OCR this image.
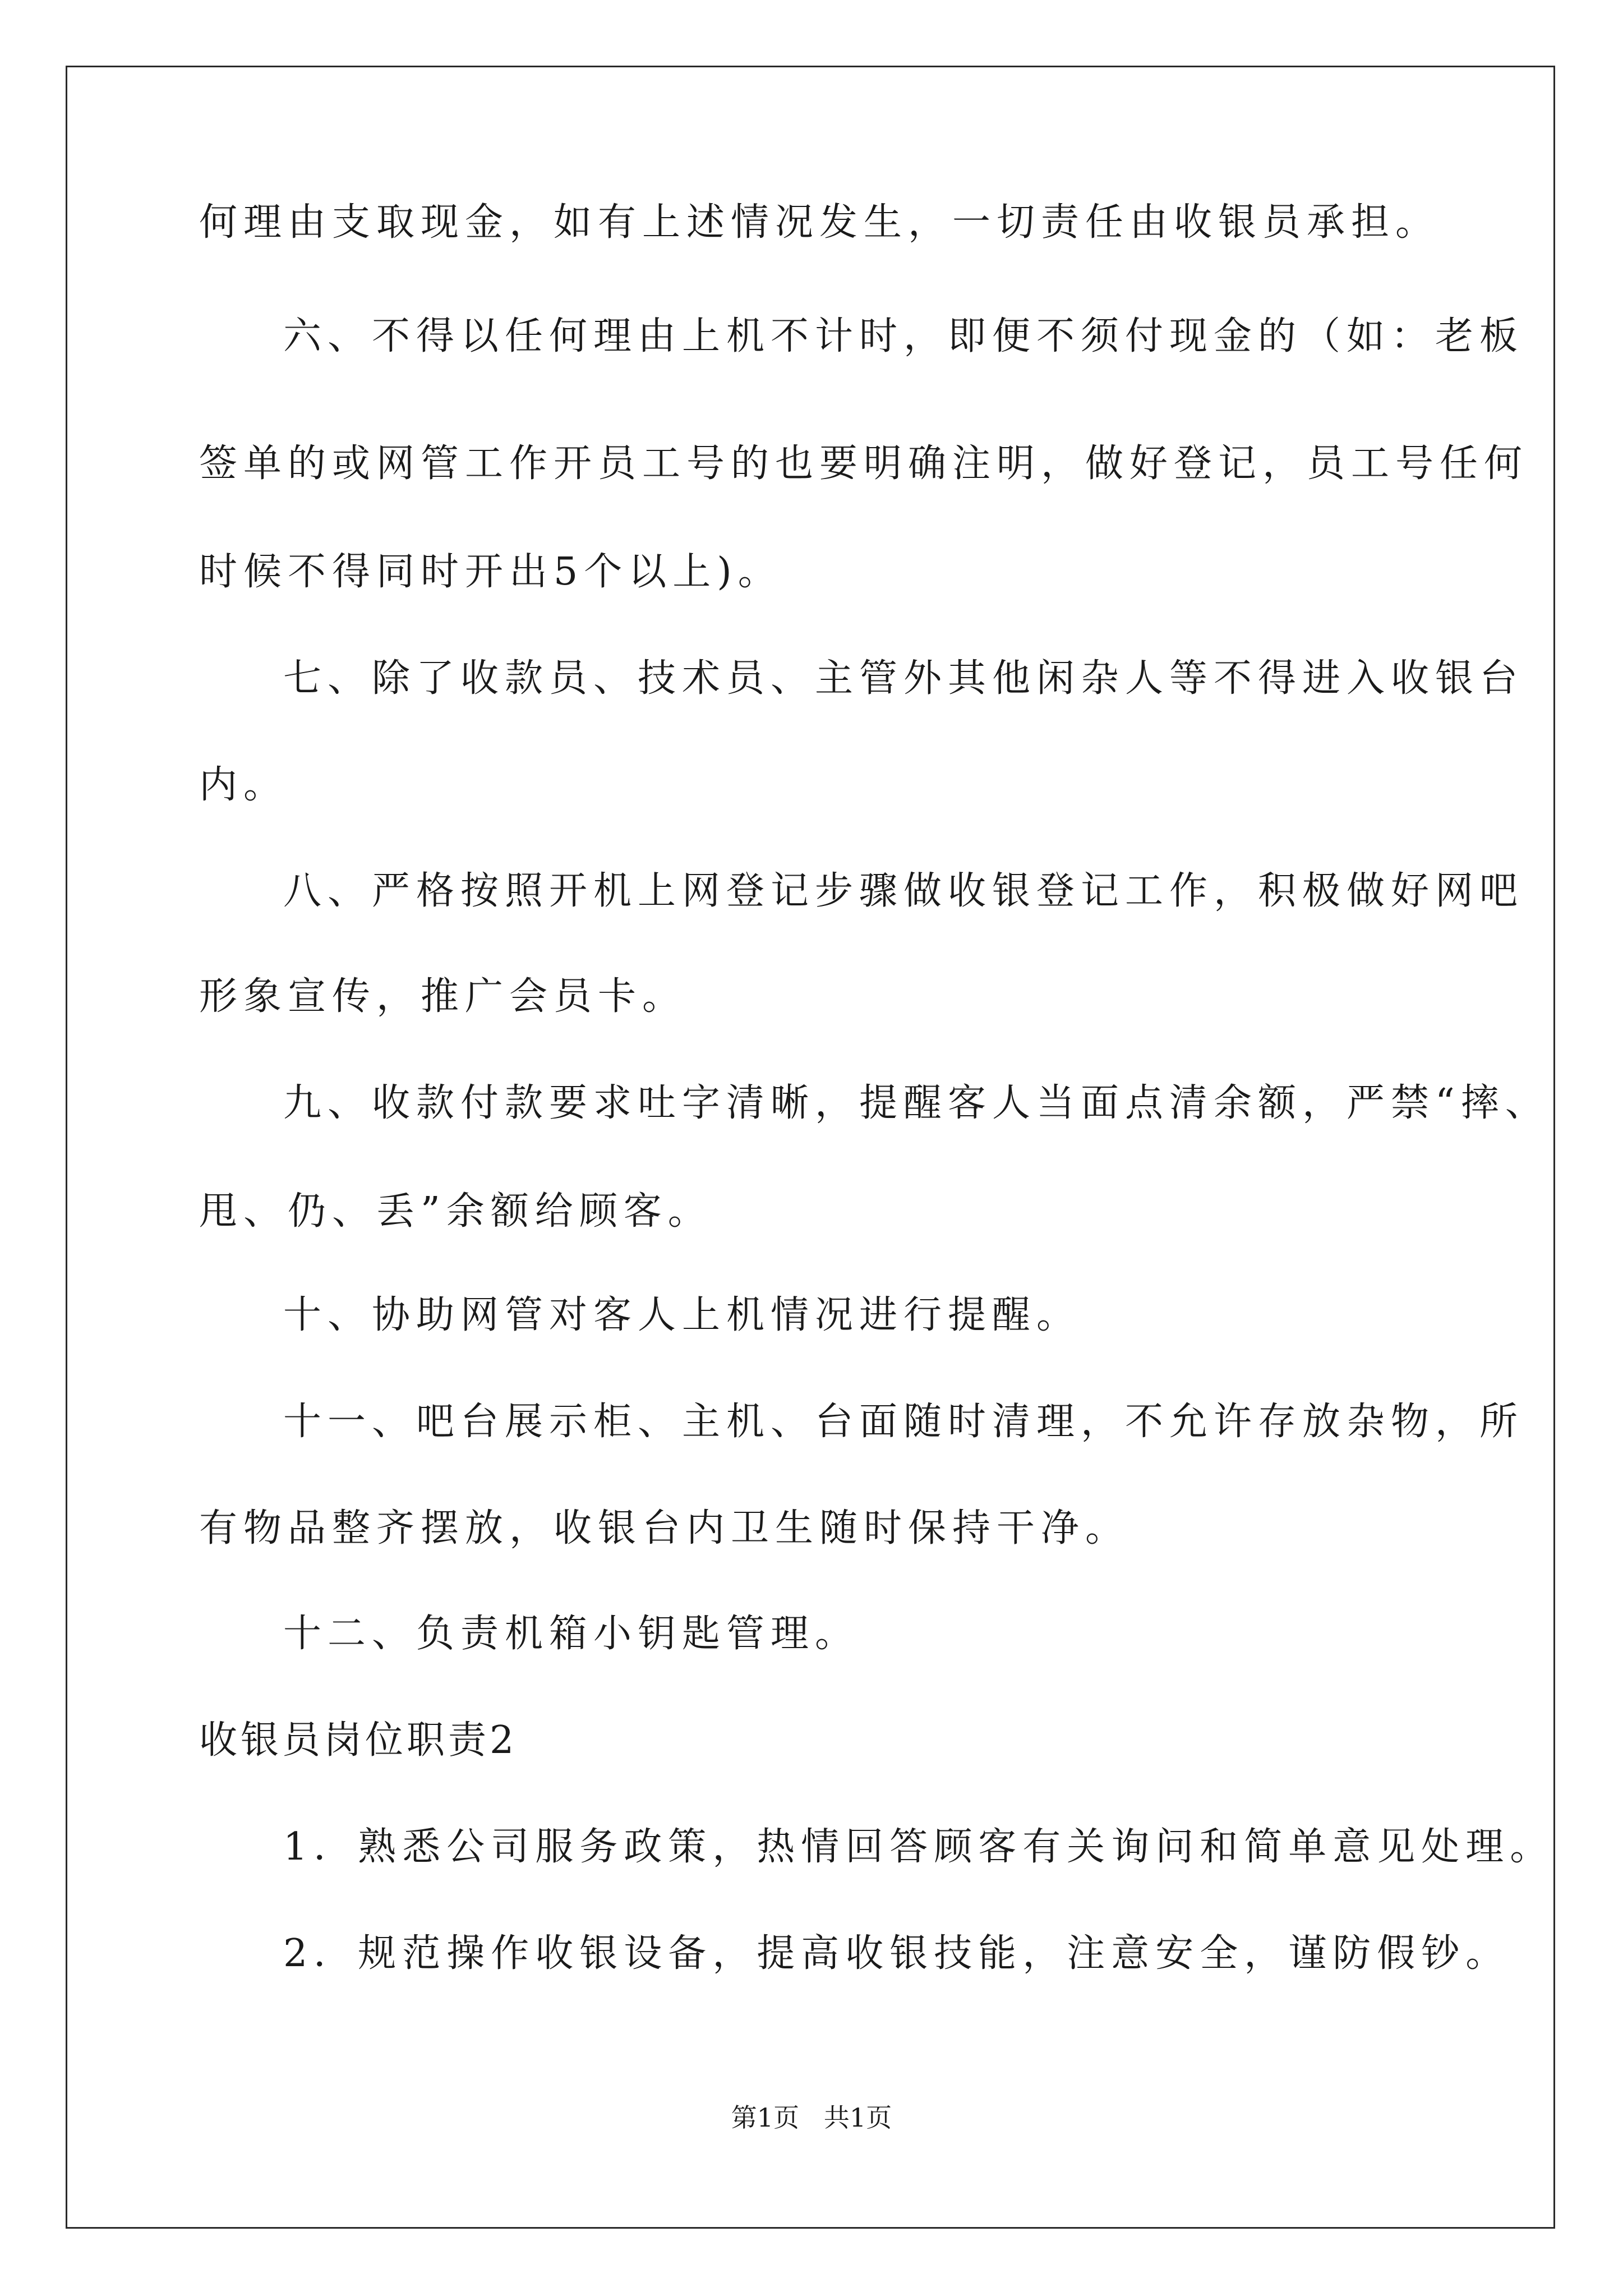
何理由支取现金，如有上述情况发生，一切责任由收银员承担。
六、不得以任何理由上机不计时，即便不须付现金的（如：老板
签单的或网管工作开员工号的也要明确注明，做好登记，员工号任何
时候不得同时开出5个以上)。
七、除了收款员、技术员、主管外其他闲杂人等不得进入收银台
内。
八、严格按照开机上网登记步骤做收银登记工作，积极做好网吧
形象宣传，推广会员卡。
九、收款付款要求吐字清晰，提醒客人当面点清余额，严禁“摔、
甩、仍、丢”余额给顾客。
十、协助网管对客人上机情况进行提醒。
十一、吧台展示柜、主机、台面随时清理，不允许存放杂物，所
有物品整齐摆放，收银台内卫生随时保持干净。
十二、负责机箱小钥匙管理。
收银员岗位职责2
1．熟悉公司服务政策，热情回答顾客有关询问和简单意见处理。
2．规范操作收银设备，提高收银技能，注意安全，谨防假钞。
第1页   共1页
